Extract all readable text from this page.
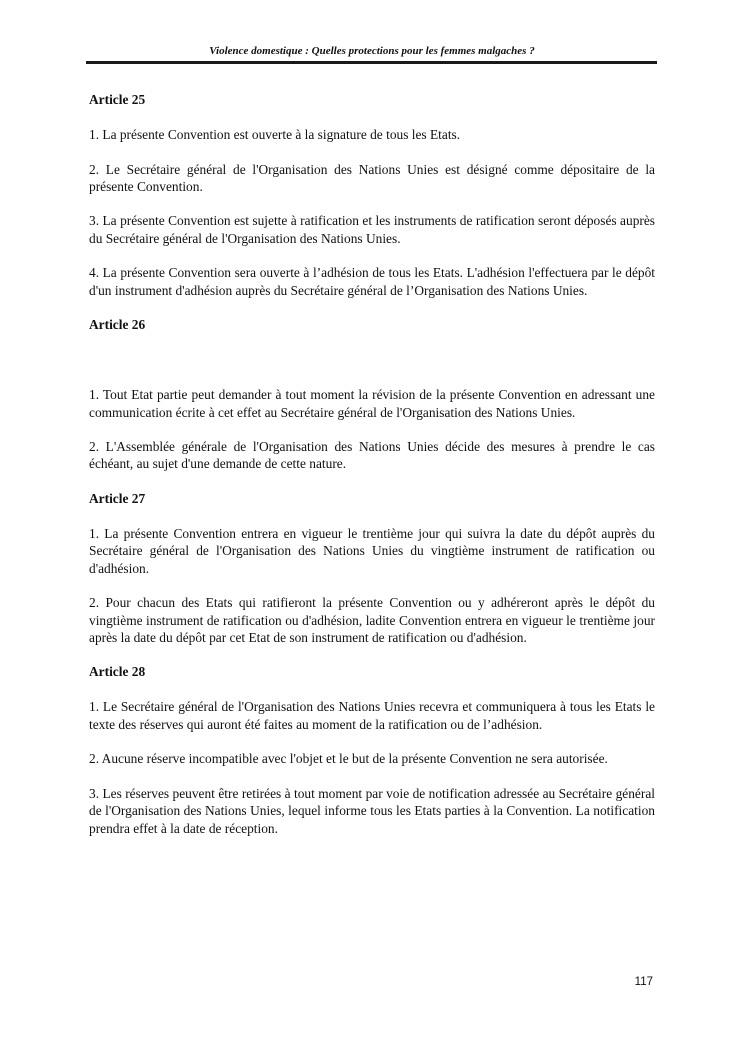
Violence domestique : Quelles protections pour les femmes malgaches ?
Article 25

1. La présente Convention est ouverte à la signature de tous les Etats.

2. Le Secrétaire général de l'Organisation des Nations Unies est désigné comme dépositaire de la présente Convention.

3. La présente Convention est sujette à ratification et les instruments de ratification seront déposés auprès du Secrétaire général de l'Organisation des Nations Unies.

4. La présente Convention sera ouverte à l’adhésion de tous les Etats. L'adhésion l'effectuera par le dépôt d'un instrument d'adhésion auprès du Secrétaire général de l’Organisation des Nations Unies.

Article 26

1. Tout Etat partie peut demander à tout moment la révision de la présente Convention en adressant une communication écrite à cet effet au Secrétaire général de l'Organisation des Nations Unies.

2. L'Assemblée générale de l'Organisation des Nations Unies décide des mesures à prendre le cas échéant, au sujet d'une demande de cette nature.

Article 27

1. La présente Convention entrera en vigueur le trentième jour qui suivra la date du dépôt auprès du Secrétaire général de l'Organisation des Nations Unies du vingtième instrument de ratification ou d'adhésion.

2. Pour chacun des Etats qui ratifieront la présente Convention ou y adhéreront après le dépôt du vingtième instrument de ratification ou d'adhésion, ladite Convention entrera en vigueur le trentième jour après la date du dépôt par cet Etat de son instrument de ratification ou d'adhésion.

Article 28

1. Le Secrétaire général de l'Organisation des Nations Unies recevra et communiquera à tous les Etats le texte des réserves qui auront été faites au moment de la ratification ou de l’adhésion.

2. Aucune réserve incompatible avec l'objet et le but de la présente Convention ne sera autorisée.

3. Les réserves peuvent être retirées à tout moment par voie de notification adressée au Secrétaire général de l'Organisation des Nations Unies, lequel informe tous les Etats parties à la Convention. La notification prendra effet à la date de réception.

117
